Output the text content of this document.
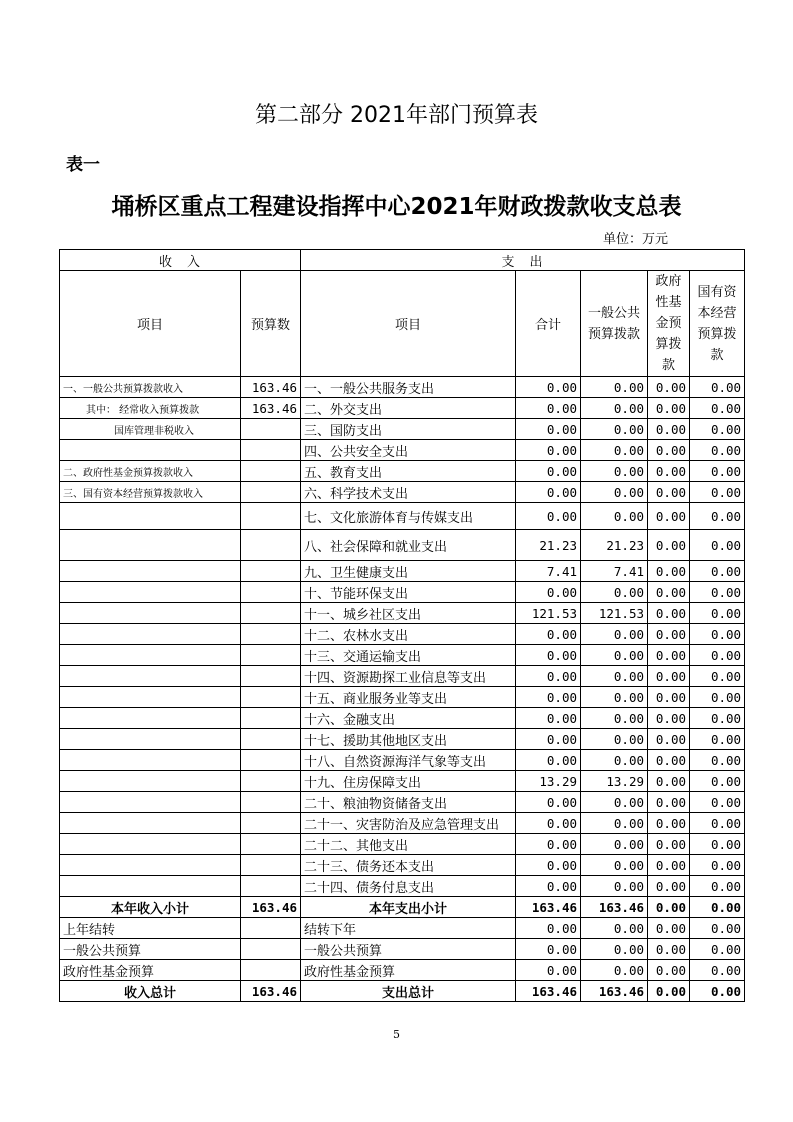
第二部分 2021年部门预算表
表一
埇桥区重点工程建设指挥中心2021年财政拨款收支总表
单位：万元
收　入		支　出				
项目	预算数	项目	合计	一般公共预算拨款	政府性基金预算拨款	国有资本经营预算拨款
一、一般公共预算拨款收入	163.46	一、一般公共服务支出	0.00	0.00	0.00	0.00
其中： 经常收入预算拨款	163.46	二、外交支出	0.00	0.00	0.00	0.00
国库管理非税收入		三、国防支出	0.00	0.00	0.00	0.00
		四、公共安全支出	0.00	0.00	0.00	0.00
二、政府性基金预算拨款收入		五、教育支出	0.00	0.00	0.00	0.00
三、国有资本经营预算拨款收入		六、科学技术支出	0.00	0.00	0.00	0.00
		七、文化旅游体育与传媒支出	0.00	0.00	0.00	0.00
		八、社会保障和就业支出	21.23	21.23	0.00	0.00
		九、卫生健康支出	7.41	7.41	0.00	0.00
		十、节能环保支出	0.00	0.00	0.00	0.00
		十一、城乡社区支出	121.53	121.53	0.00	0.00
		十二、农林水支出	0.00	0.00	0.00	0.00
		十三、交通运输支出	0.00	0.00	0.00	0.00
		十四、资源勘探工业信息等支出	0.00	0.00	0.00	0.00
		十五、商业服务业等支出	0.00	0.00	0.00	0.00
		十六、金融支出	0.00	0.00	0.00	0.00
		十七、援助其他地区支出	0.00	0.00	0.00	0.00
		十八、自然资源海洋气象等支出	0.00	0.00	0.00	0.00
		十九、住房保障支出	13.29	13.29	0.00	0.00
		二十、粮油物资储备支出	0.00	0.00	0.00	0.00
		二十一、灾害防治及应急管理支出	0.00	0.00	0.00	0.00
		二十二、其他支出	0.00	0.00	0.00	0.00
		二十三、债务还本支出	0.00	0.00	0.00	0.00
		二十四、债务付息支出	0.00	0.00	0.00	0.00
本年收入小计	163.46	本年支出小计	163.46	163.46	0.00	0.00
上年结转		结转下年	0.00	0.00	0.00	0.00
一般公共预算		一般公共预算	0.00	0.00	0.00	0.00
政府性基金预算		政府性基金预算	0.00	0.00	0.00	0.00
收入总计	163.46	支出总计	163.46	163.46	0.00	0.00
5
